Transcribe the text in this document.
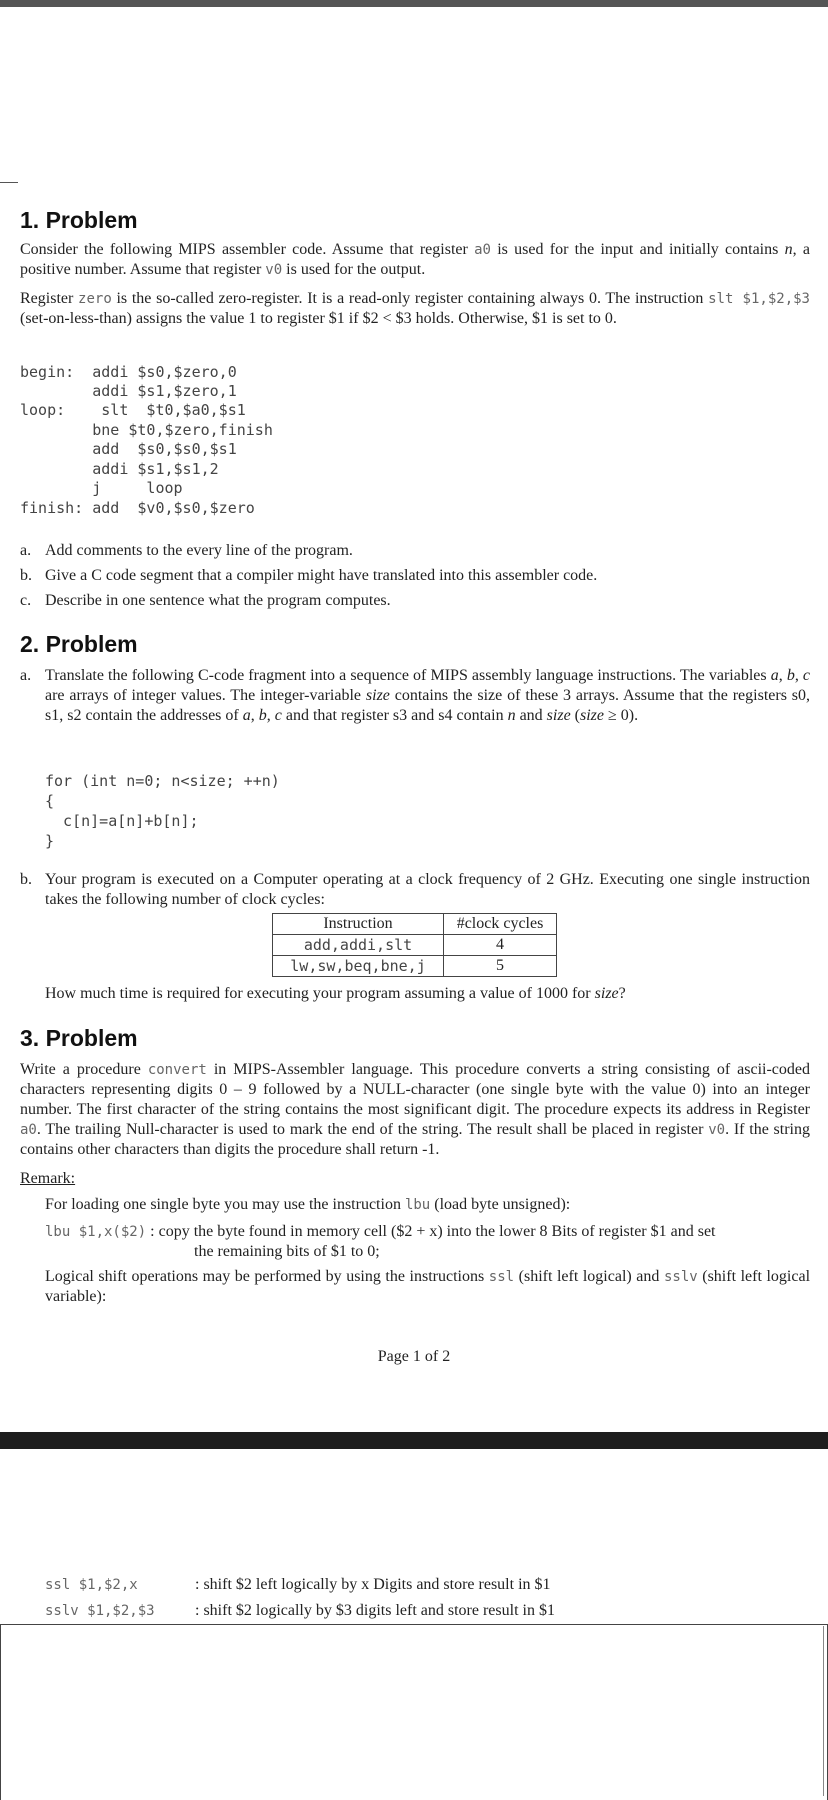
1. Problem
Consider the following MIPS assembler code. Assume that register a0 is used for the input and initially contains n, a positive number. Assume that register v0 is used for the output.
Register zero is the so-called zero-register. It is a read-only register containing always 0. The instruction slt $1,$2,$3 (set-on-less-than) assigns the value 1 to register $1 if $2 < $3 holds. Otherwise, $1 is set to 0.
begin:  addi $s0,$zero,0
addi $s1,$zero,1
loop:    slt  $t0,$a0,$s1
bne $t0,$zero,finish
add  $s0,$s0,$s1
addi $s1,$s1,2
j     loop
finish: add  $v0,$s0,$zero
a. Add comments to the every line of the program.
b. Give a C code segment that a compiler might have translated into this assembler code.
c. Describe in one sentence what the program computes.
2. Problem
a. Translate the following C-code fragment into a sequence of MIPS assembly language instructions. The variables a, b, c are arrays of integer values. The integer-variable size contains the size of these 3 arrays. Assume that the registers s0, s1, s2 contain the addresses of a, b, c and that register s3 and s4 contain n and size (size ≥ 0).
for (int n=0; n<size; ++n)
{
c[n]=a[n]+b[n];
}
b. Your program is executed on a Computer operating at a clock frequency of 2 GHz. Executing one single instruction takes the following number of clock cycles:
Instruction	#clock cycles
add,addi,slt	4
lw,sw,beq,bne,j	5
How much time is required for executing your program assuming a value of 1000 for size?
3. Problem
Write a procedure convert in MIPS-Assembler language. This procedure converts a string consisting of ascii-coded characters representing digits 0 – 9 followed by a NULL-character (one single byte with the value 0) into an integer number. The first character of the string contains the most significant digit. The procedure expects its address in Register a0. The trailing Null-character is used to mark the end of the string. The result shall be placed in register v0. If the string contains other characters than digits the procedure shall return -1.
Remark:
For loading one single byte you may use the instruction lbu (load byte unsigned):
lbu $1,x($2) : copy the byte found in memory cell ($2 + x) into the lower 8 Bits of register $1 and set
the remaining bits of $1 to 0;
Logical shift operations may be performed by using the instructions ssl (shift left logical) and sslv (shift left logical variable):
Page 1 of 2
ssl $1,$2,x	: shift $2 left logically by x Digits and store result in $1
sslv $1,$2,$3	: shift $2 logically by $3 digits left and store result in $1
